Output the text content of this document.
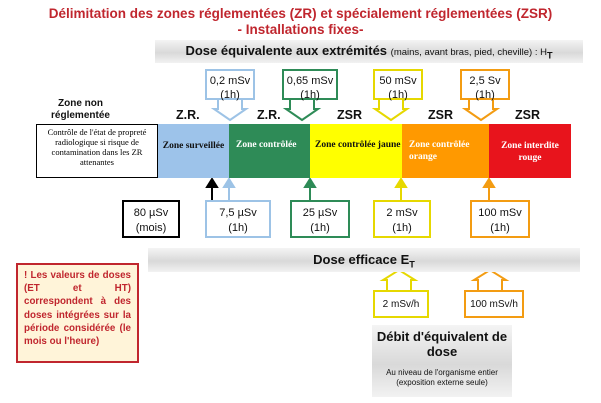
Délimitation des zones réglementées (ZR) et spécialement réglementées (ZSR)
- Installations fixes-
Dose équivalente aux extrémités (mains, avant bras, pied, cheville) : $H_T$
0,2 mSv
(1h)
0,65 mSv
(1h)
50 mSv
(1h)
2,5 Sv
(1h)
Zone non réglementée	Z.R.	Z.R.	ZSR	ZSR	ZSR
Contrôle de l'état de propreté radiologique si risque de contamination dans les ZR attenantes
Zone surveillée	Zone contrôlée	Zone contrôlée jaune Zone contrôlée orange
Zone interdite rouge
80 µSv
(mois)
7,5 µSv
(1h)
25 µSv
(1h)
2 mSv
(1h)
100 mSv
(1h)
Dose efficace $E_T$
2 mSv/h	100 mSv/h
Débit d'équivalent de dose
Au niveau de l'organisme entier (exposition externe seule)
! Les valeurs de doses (ET et HT) correspondent à des doses intégrées sur la période considérée (le mois ou l'heure)
